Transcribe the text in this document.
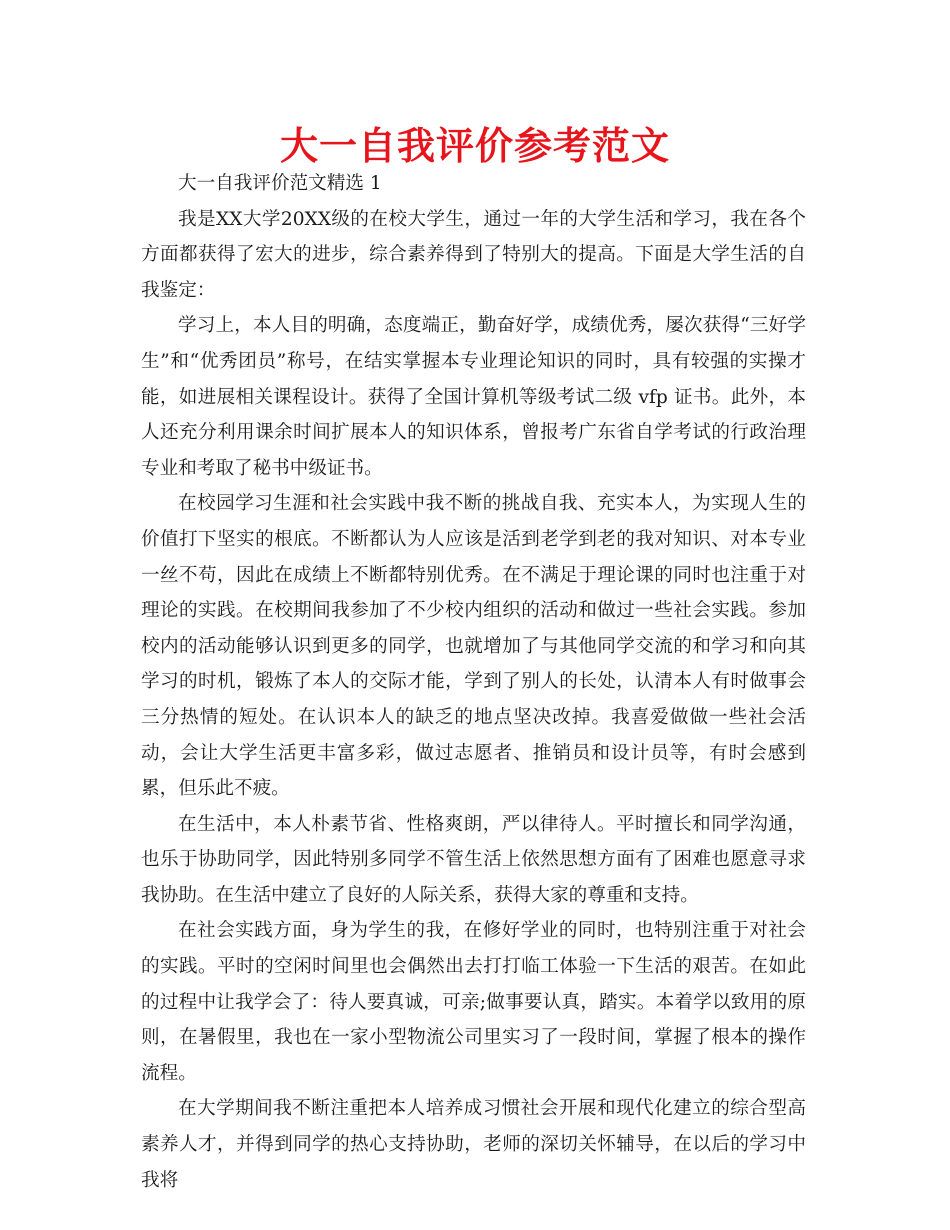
大一自我评价参考范文

大一自我评价范文精选 1

我是XX大学20XX级的在校大学生，通过一年的大学生活和学习，我在各个方面都获得了宏大的进步，综合素养得到了特别大的提高。下面是大学生活的自我鉴定：

学习上，本人目的明确，态度端正，勤奋好学，成绩优秀，屡次获得“三好学生”和“优秀团员”称号，在结实掌握本专业理论知识的同时，具有较强的实操才能，如进展相关课程设计。获得了全国计算机等级考试二级 vfp 证书。此外，本人还充分利用课余时间扩展本人的知识体系，曾报考广东省自学考试的行政治理专业和考取了秘书中级证书。

在校园学习生涯和社会实践中我不断的挑战自我、充实本人，为实现人生的价值打下坚实的根底。不断都认为人应该是活到老学到老的我对知识、对本专业一丝不苟，因此在成绩上不断都特别优秀。在不满足于理论课的同时也注重于对理论的实践。在校期间我参加了不少校内组织的活动和做过一些社会实践。参加校内的活动能够认识到更多的同学，也就增加了与其他同学交流的和学习和向其学习的时机，锻炼了本人的交际才能，学到了别人的长处，认清本人有时做事会三分热情的短处。在认识本人的缺乏的地点坚决改掉。我喜爱做做一些社会活动，会让大学生活更丰富多彩，做过志愿者、推销员和设计员等，有时会感到累，但乐此不疲。

在生活中，本人朴素节省、性格爽朗，严以律待人。平时擅长和同学沟通，也乐于协助同学，因此特别多同学不管生活上依然思想方面有了困难也愿意寻求我协助。在生活中建立了良好的人际关系，获得大家的尊重和支持。

在社会实践方面，身为学生的我，在修好学业的同时，也特别注重于对社会的实践。平时的空闲时间里也会偶然出去打打临工体验一下生活的艰苦。在如此的过程中让我学会了：待人要真诚，可亲;做事要认真，踏实。本着学以致用的原则，在暑假里，我也在一家小型物流公司里实习了一段时间，掌握了根本的操作流程。

在大学期间我不断注重把本人培养成习惯社会开展和现代化建立的综合型高素养人才，并得到同学的热心支持协助，老师的深切关怀辅导，在以后的学习中我将
